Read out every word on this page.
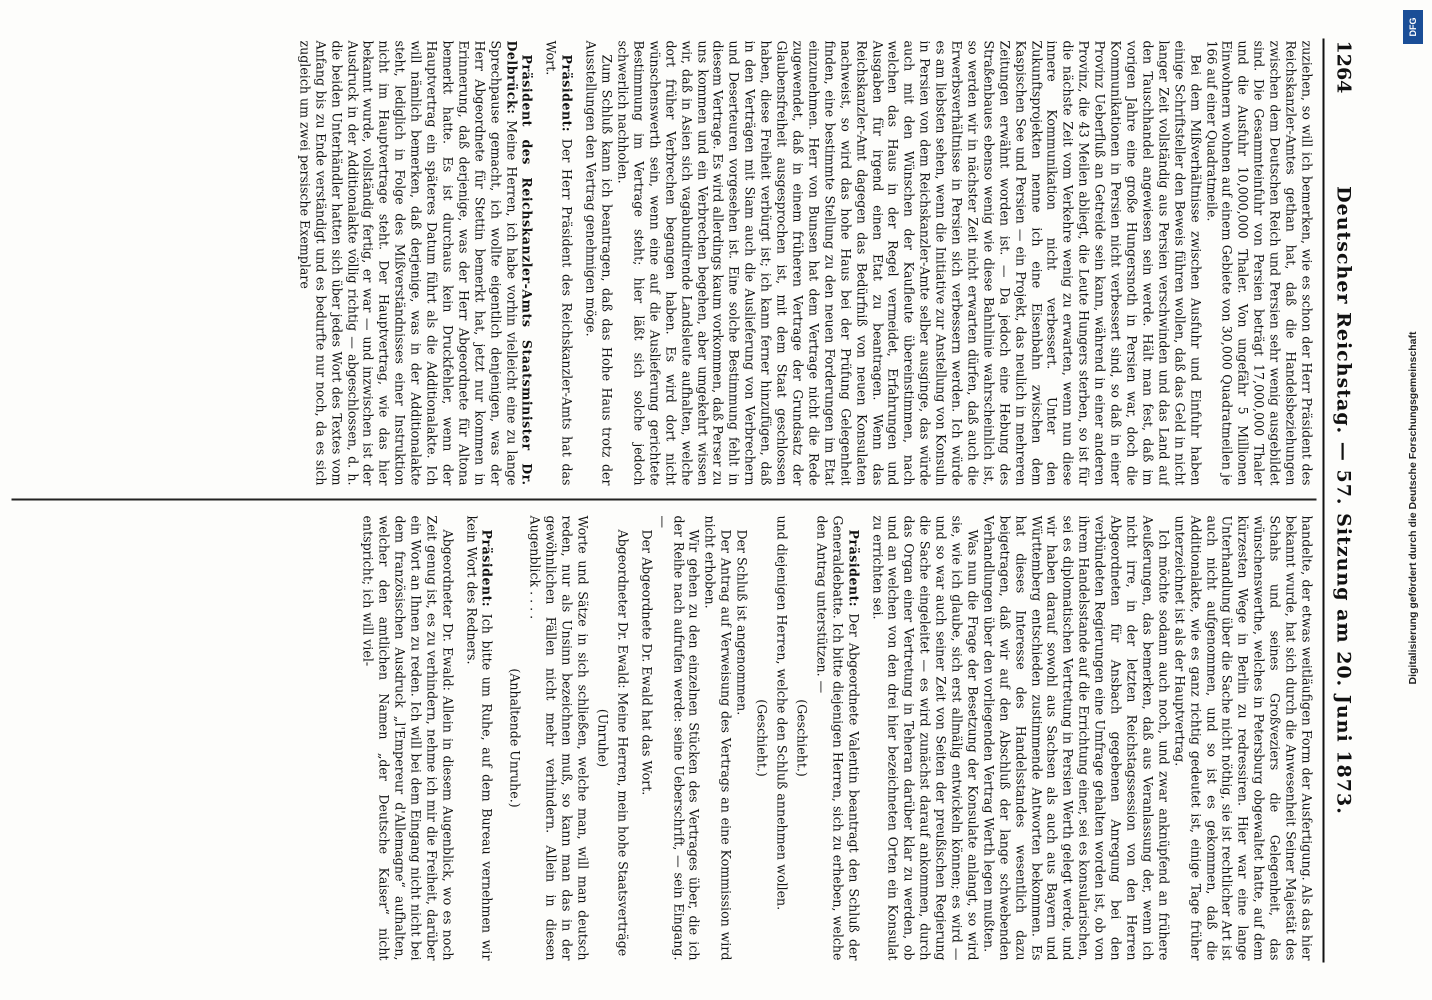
1264
Deutscher Reichstag. — 57. Sitzung am 20. Juni 1873.

zuziehen, so will ich bemerken, wie es schon der Herr Präsident des Reichskanzler-Amtes gethan hat, daß die Handelsbeziehungen zwischen dem Deutschen Reich und Persien sehr wenig ausgebildet sind. Die Gesammteinfuhr von Persien beträgt 17,000,000 Thaler und die Ausfuhr 10,000,000 Thaler. Von ungefähr 5 Millionen Einwohnern wohnen auf einem Gebiete von 30,000 Quadratmeilen je 166 auf einer Quadratmeile.

Bei dem Mißverhältnisse zwischen Ausfuhr und Einfuhr haben einige Schriftsteller den Beweis führen wollen, daß das Geld in nicht langer Zeit vollständig aus Persien verschwinden und das Land auf den Tauschhandel angewiesen sein werde. Hält man fest, daß im vorigen Jahre eine große Hungersnoth in Persien war, doch die Kommunikationen in Persien nicht verbessert sind, so daß in einer Provinz Ueberfluß an Getreide sein kann, während in einer anderen Provinz, die 43 Meilen abliegt, die Leute Hungers sterben, so ist für die nächste Zeit vom Verkehre wenig zu erwarten, wenn nun diese innere Kommunikation nicht verbessert. Unter den Zukunftsprojekten nenne ich eine Eisenbahn zwischen dem Kaspischen See und Persien — ein Projekt, das neulich in mehreren Zeitungen erwähnt worden ist. — Da jedoch eine Hebung des Straßenbaues ebenso wenig wie diese Bahnlinie wahrscheinlich ist, so werden wir in nächster Zeit nicht erwarten dürfen, daß auch die Erwerbsverhältnisse in Persien sich verbessern werden. Ich würde es am liebsten sehen, wenn die Initiative zur Anstellung von Konsuln in Persien von dem Reichskanzler-Amte selber ausginge, das würde auch mit den Wünschen der Kaufleute übereinstimmen, nach welchen das Haus in der Regel vermeidet, Erfahrungen und Ausgaben für irgend einen Etat zu beantragen. Wenn das Reichskanzler-Amt dagegen das Bedürfniß von neuen Konsulaten nachweist, so wird das hohe Haus bei der Prüfung Gelegenheit finden, eine bestimmte Stellung zu den neuen Forderungen im Etat einzunehmen. Herr von Bunsen hat dem Vertrage nicht die Rede zugewendet, daß in einem früheren Vertrage der Grundsatz der Glaubensfreiheit ausgesprochen ist, mit dem Staat geschlossen haben, diese Freiheit verbürgt ist; ich kann ferner hinzufügen, daß in den Verträgen mit Siam auch die Auslieferung von Verbrechern und Deserteuren vorgesehen ist. Eine solche Bestimmung fehlt in diesem Vertrage. Es wird allerdings kaum vorkommen, daß Perser zu uns kommen und ein Verbrechen begehen, aber umgekehrt wissen wir, daß in Asien sich vagabundirende Landsleute aufhalten, welche dort früher Verbrechen begangen haben. Es wird dort nicht wünschenswerth sein, wenn eine auf die Auslieferung gerichtete Bestimmung im Vertrage steht; hier läßt sich solche jedoch schwerlich nachholen.

Zum Schluß kann ich beantragen, daß das Hohe Haus trotz der Ausstellungen den Vertrag genehmigen möge.

Präsident: Der Herr Präsident des Reichskanzler-Amts hat das Wort.

Präsident des Reichskanzler-Amts Staatsminister Dr. Delbrück: Meine Herren, ich habe vorhin vielleicht eine zu lange Sprechpause gemacht, ich wollte eigentlich denjenigen, was der Herr Abgeordnete für Stettin bemerkt hat, jetzt nur kommen in Erinnerung, daß derjenige, was der Herr Abgeordnete für Altona bemerkt hatte. Es ist durchaus kein Druckfehler, wenn der Hauptvertrag ein späteres Datum führt als die Additionalakte. Ich will nämlich bemerken, daß derjenige, was in der Additionalakte steht, lediglich in Folge des Mißverständnisses einer Instruktion nicht im Hauptvertrage steht. Der Hauptvertrag, wie das hier bekannt wurde, vollständig fertig, er war — und inzwischen ist der Ausdruck in der Additionalakte völlig richtig — abgeschlossen, d. h. die beiden Unterhändler hatten sich über jedes Wort des Textes vom Anfang bis zu Ende verständigt und es bedurfte nur noch, da es sich zugleich um zwei persische Exemplare

handelte, der etwas weitläufigen Form der Ausfertigung. Als das hier bekannt wurde, hat sich durch die Anwesenheit Seiner Majestät des Schahs und seines Großveziers die Gelegenheit, das wünschenswerthe, welches in Petersburg obgewaltet hatte, auf dem kürzesten Wege in Berlin zu redressiren. Hier war eine lange Unterhandlung über die Sache nicht nöthig, sie ist rechtlicher Art ist auch nicht aufgenommen, und so ist es gekommen, daß die Additionalakte, wie es ganz richtig gedeutet ist, einige Tage früher unterzeichnet ist als der Hauptvertrag.

Ich möchte sodann auch noch, und zwar anknüpfend an frühere Aeußerungen, das bemerken, daß aus Veranlassung der, wenn ich nicht irre, in der letzten Reichstagssession von den Herren Abgeordneten für Ansbach gegebenen Anregung bei den verbündeten Regierungen eine Umfrage gehalten worden ist, ob von ihrem Handelsstande auf die Errichtung einer, sei es konsularischen, sei es diplomatischen Vertretung in Persien Werth gelegt werde, und wir haben darauf sowohl aus Sachsen als auch aus Bayern und Württemberg entschieden zustimmende Antworten bekommen. Es hat dieses Interesse des Handelsstandes wesentlich dazu beigetragen, daß wir auf den Abschluß der lange schwebenden Verhandlungen über den vorliegenden Vertrag Werth legen mußten.

Was nun die Frage der Besetzung der Konsulate anlangt, so wird sie, wie ich glaube, sich erst allmälig entwickeln können; es wird — und so war auch seiner Zeit von Seiten der preußischen Regierung die Sache eingeleitet — es wird zunächst darauf ankommen, durch das Organ einer Vertretung in Teheran darüber klar zu werden, ob und an welchen von den drei hier bezeichneten Orten ein Konsulat zu errichten sei.

Präsident: Der Abgeordnete Valentin beantragt den Schluß der Generaldebatte. Ich bitte diejenigen Herren, sich zu erheben, welche den Antrag unterstützen. —

(Geschieht.)

und diejenigen Herren, welche den Schluß annehmen wollen.

(Geschieht.)

Der Schluß ist angenommen.

Der Antrag auf Verweisung des Vertrags an eine Kommission wird nicht erhoben.

Wir gehen zu den einzelnen Stücken des Vertrages über, die ich der Reihe nach aufrufen werde: seine Ueberschrift, — sein Eingang. —

Der Abgeordnete Dr. Ewald hat das Wort.

Abgeordneter Dr. Ewald: Meine Herren, mein hohe Staatsverträge

(Unruhe)

Worte und Sätze in sich schließen, welche man, will man deutsch reden, nur als Unsinn bezeichnen muß, so kann man das in der gewöhnlichen Fällen nicht mehr verhindern. Allein in diesen Augenblick . . . .

(Anhaltende Unruhe.)

Präsident: Ich bitte um Ruhe, auf dem Bureau vernehmen wir kein Wort des Redners.

Abgeordneter Dr. Ewald: Allein in diesem Augenblick, wo es noch Zeit genug ist, es zu verhindern, nehme ich mir die Freiheit, darüber ein Wort an Ihnen zu reden. Ich will bei dem Eingang nicht nicht bei dem französischen Ausdruck „l'Empereur d'Allemagne“ aufhalten, welcher den amtlichen Namen „der Deutsche Kaiser“ nicht entspricht; ich will viel-

DFG
Digitalisierung gefördert durch die Deutsche Forschungsgemeinschaft
